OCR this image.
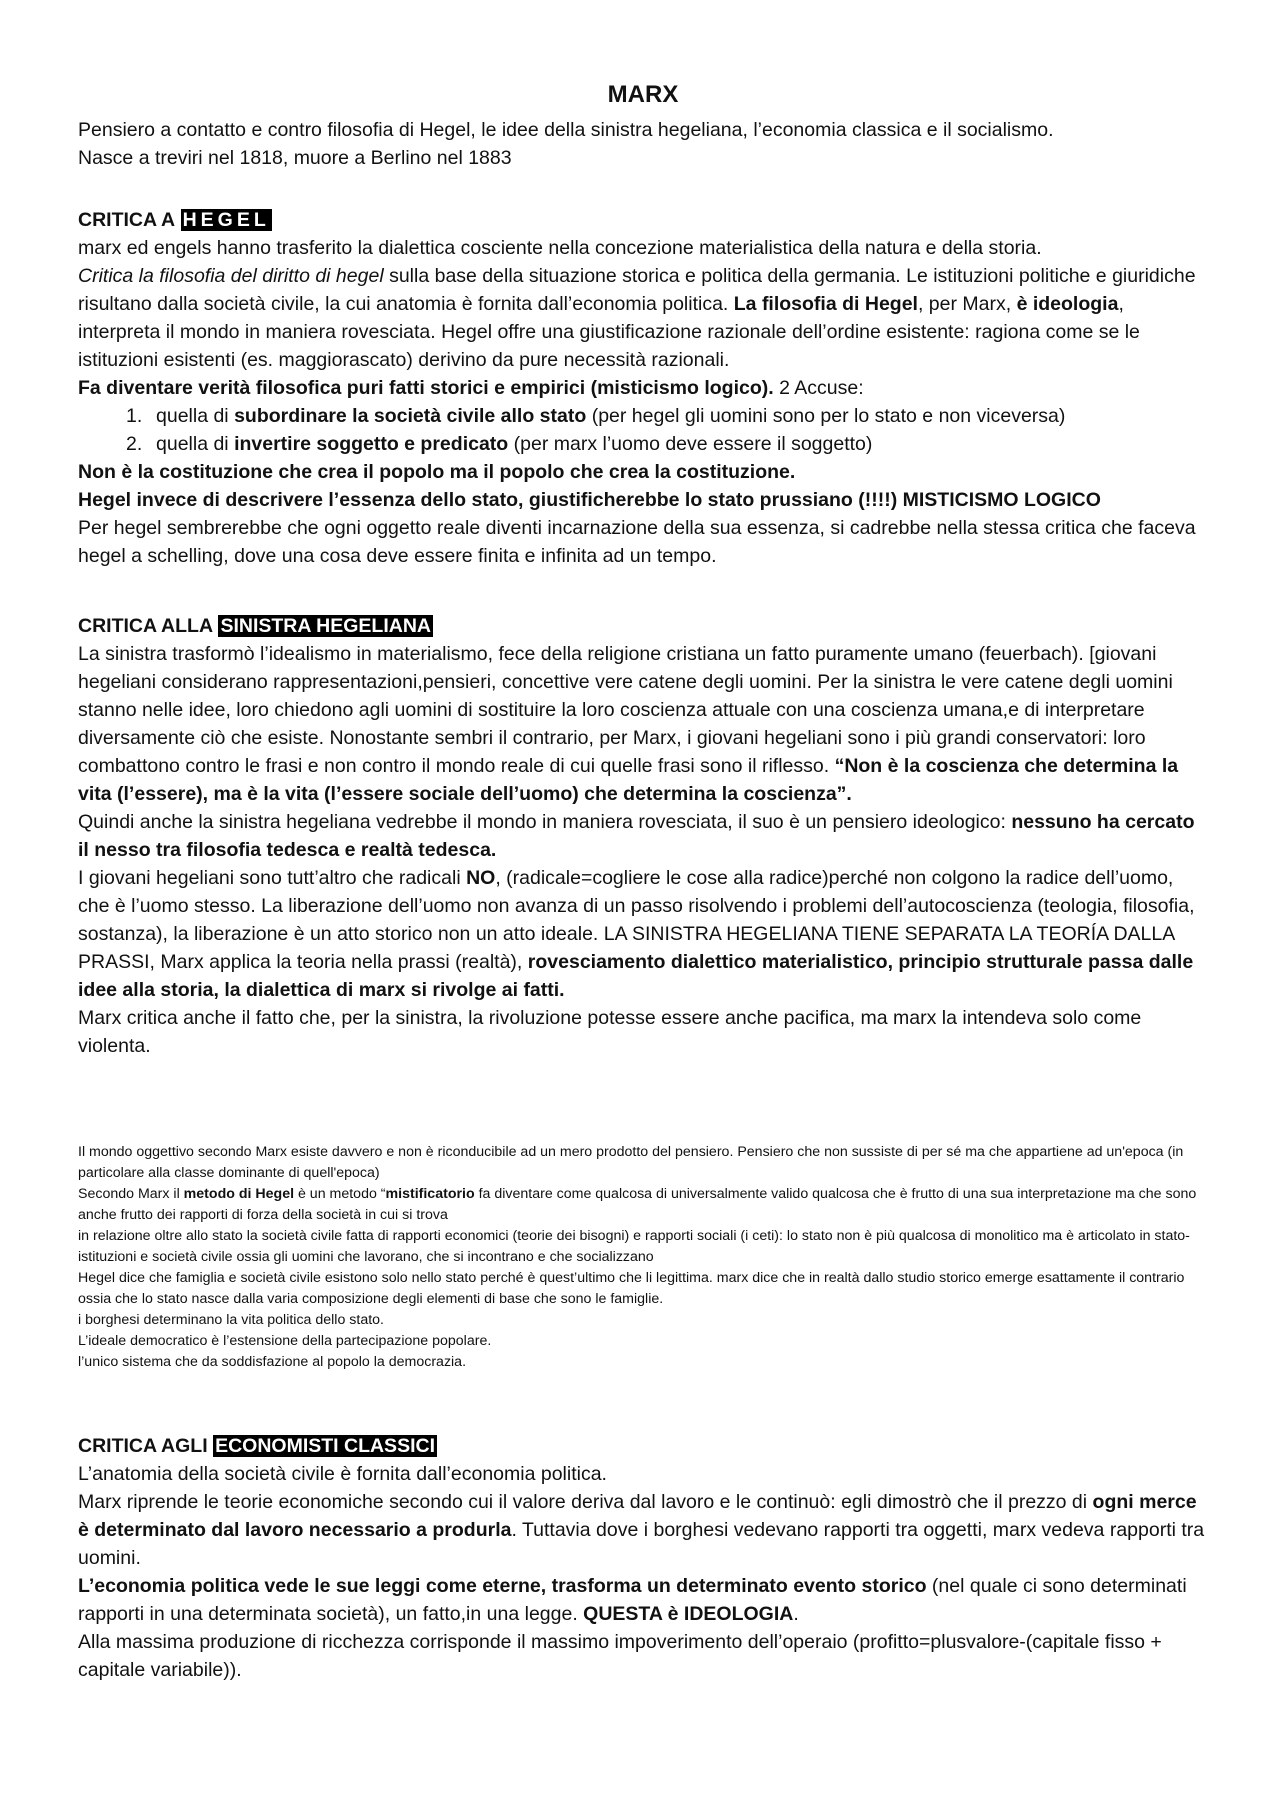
MARX

Pensiero a contatto e contro filosofia di Hegel, le idee della sinistra hegeliana, l’economia classica e il socialismo.
Nasce a treviri nel 1818, muore a Berlino nel 1883

CRITICA A HEGEL

marx ed engels hanno trasferito la dialettica cosciente nella concezione materialistica della natura e della storia.
Critica la filosofia del diritto di hegel sulla base della situazione storica e politica della germania. Le istituzioni politiche e giuridiche risultano dalla società civile, la cui anatomia è fornita dall’economia politica. La filosofia di Hegel, per Marx, è ideologia, interpreta il mondo in maniera rovesciata. Hegel offre una giustificazione razionale dell’ordine esistente: ragiona come se le istituzioni esistenti (es. maggiorascato) derivino da pure necessità razionali.
Fa diventare verità filosofica puri fatti storici e empirici (misticismo logico). 2 Accuse:
1. quella di subordinare la società civile allo stato (per hegel gli uomini sono per lo stato e non viceversa)
2. quella di invertire soggetto e predicato (per marx l’uomo deve essere il soggetto)
Non è la costituzione che crea il popolo ma il popolo che crea la costituzione.
Hegel invece di descrivere l’essenza dello stato, giustificherebbe lo stato prussiano (!!!!) MISTICISMO LOGICO
Per hegel sembrerebbe che ogni oggetto reale diventi incarnazione della sua essenza, si cadrebbe nella stessa critica che faceva hegel a schelling, dove una cosa deve essere finita e infinita ad un tempo.

CRITICA ALLA SINISTRA HEGELIANA

La sinistra trasformò l’idealismo in materialismo, fece della religione cristiana un fatto puramente umano (feuerbach). [giovani hegeliani considerano rappresentazioni,pensieri, concettive vere catene degli uomini. Per la sinistra le vere catene degli uomini stanno nelle idee, loro chiedono agli uomini di sostituire la loro coscienza attuale con una coscienza umana,e di interpretare diversamente ciò che esiste. Nonostante sembri il contrario, per Marx, i giovani hegeliani sono i più grandi conservatori: loro combattono contro le frasi e non contro il mondo reale di cui quelle frasi sono il riflesso. “Non è la coscienza che determina la vita (l’essere), ma è la vita (l’essere sociale dell’uomo) che determina la coscienza”.
Quindi anche la sinistra hegeliana vedrebbe il mondo in maniera rovesciata, il suo è un pensiero ideologico: nessuno ha cercato il nesso tra filosofia tedesca e realtà tedesca.
I giovani hegeliani sono tutt’altro che radicali NO, (radicale=cogliere le cose alla radice)perché non colgono la radice dell’uomo, che è l’uomo stesso. La liberazione dell’uomo non avanza di un passo risolvendo i problemi dell’autocoscienza (teologia, filosofia, sostanza), la liberazione è un atto storico non un atto ideale. LA SINISTRA HEGELIANA TIENE SEPARATA LA TEORÍA DALLA PRASSI, Marx applica la teoria nella prassi (realtà), rovesciamento dialettico materialistico, principio strutturale passa dalle idee alla storia, la dialettica di marx si rivolge ai fatti.
Marx critica anche il fatto che, per la sinistra, la rivoluzione potesse essere anche pacifica, ma marx la intendeva solo come violenta.

Il mondo oggettivo secondo Marx esiste davvero e non è riconducibile ad un mero prodotto del pensiero. Pensiero che non sussiste di per sé ma che appartiene ad un'epoca (in particolare alla classe dominante di quell'epoca)
Secondo Marx il metodo di Hegel è un metodo “mistificatorio fa diventare come qualcosa di universalmente valido qualcosa che è frutto di una sua interpretazione ma che sono anche frutto dei rapporti di forza della società in cui si trova
in relazione oltre allo stato la società civile fatta di rapporti economici (teorie dei bisogni) e rapporti sociali (i ceti): lo stato non è più qualcosa di monolitico ma è articolato in stato-istituzioni e società civile ossia gli uomini che lavorano, che si incontrano e che socializzano
Hegel dice che famiglia e società civile esistono solo nello stato perché è quest’ultimo che li legittima. marx dice che in realtà dallo studio storico emerge esattamente il contrario ossia che lo stato nasce dalla varia composizione degli elementi di base che sono le famiglie.
i borghesi determinano la vita politica dello stato.
L’ideale democratico è l’estensione della partecipazione popolare.
l’unico sistema che da soddisfazione al popolo la democrazia.

CRITICA AGLI ECONOMISTI CLASSICI

L’anatomia della società civile è fornita dall’economia politica.
Marx riprende le teorie economiche secondo cui il valore deriva dal lavoro e le continuò: egli dimostrò che il prezzo di ogni merce è determinato dal lavoro necessario a produrla. Tuttavia dove i borghesi vedevano rapporti tra oggetti, marx vedeva rapporti tra uomini.
L’economia politica vede le sue leggi come eterne, trasforma un determinato evento storico (nel quale ci sono determinati rapporti in una determinata società), un fatto,in una legge. QUESTA è IDEOLOGIA.
Alla massima produzione di ricchezza corrisponde il massimo impoverimento dell’operaio (profitto=plusvalore-(capitale fisso + capitale variabile)).
